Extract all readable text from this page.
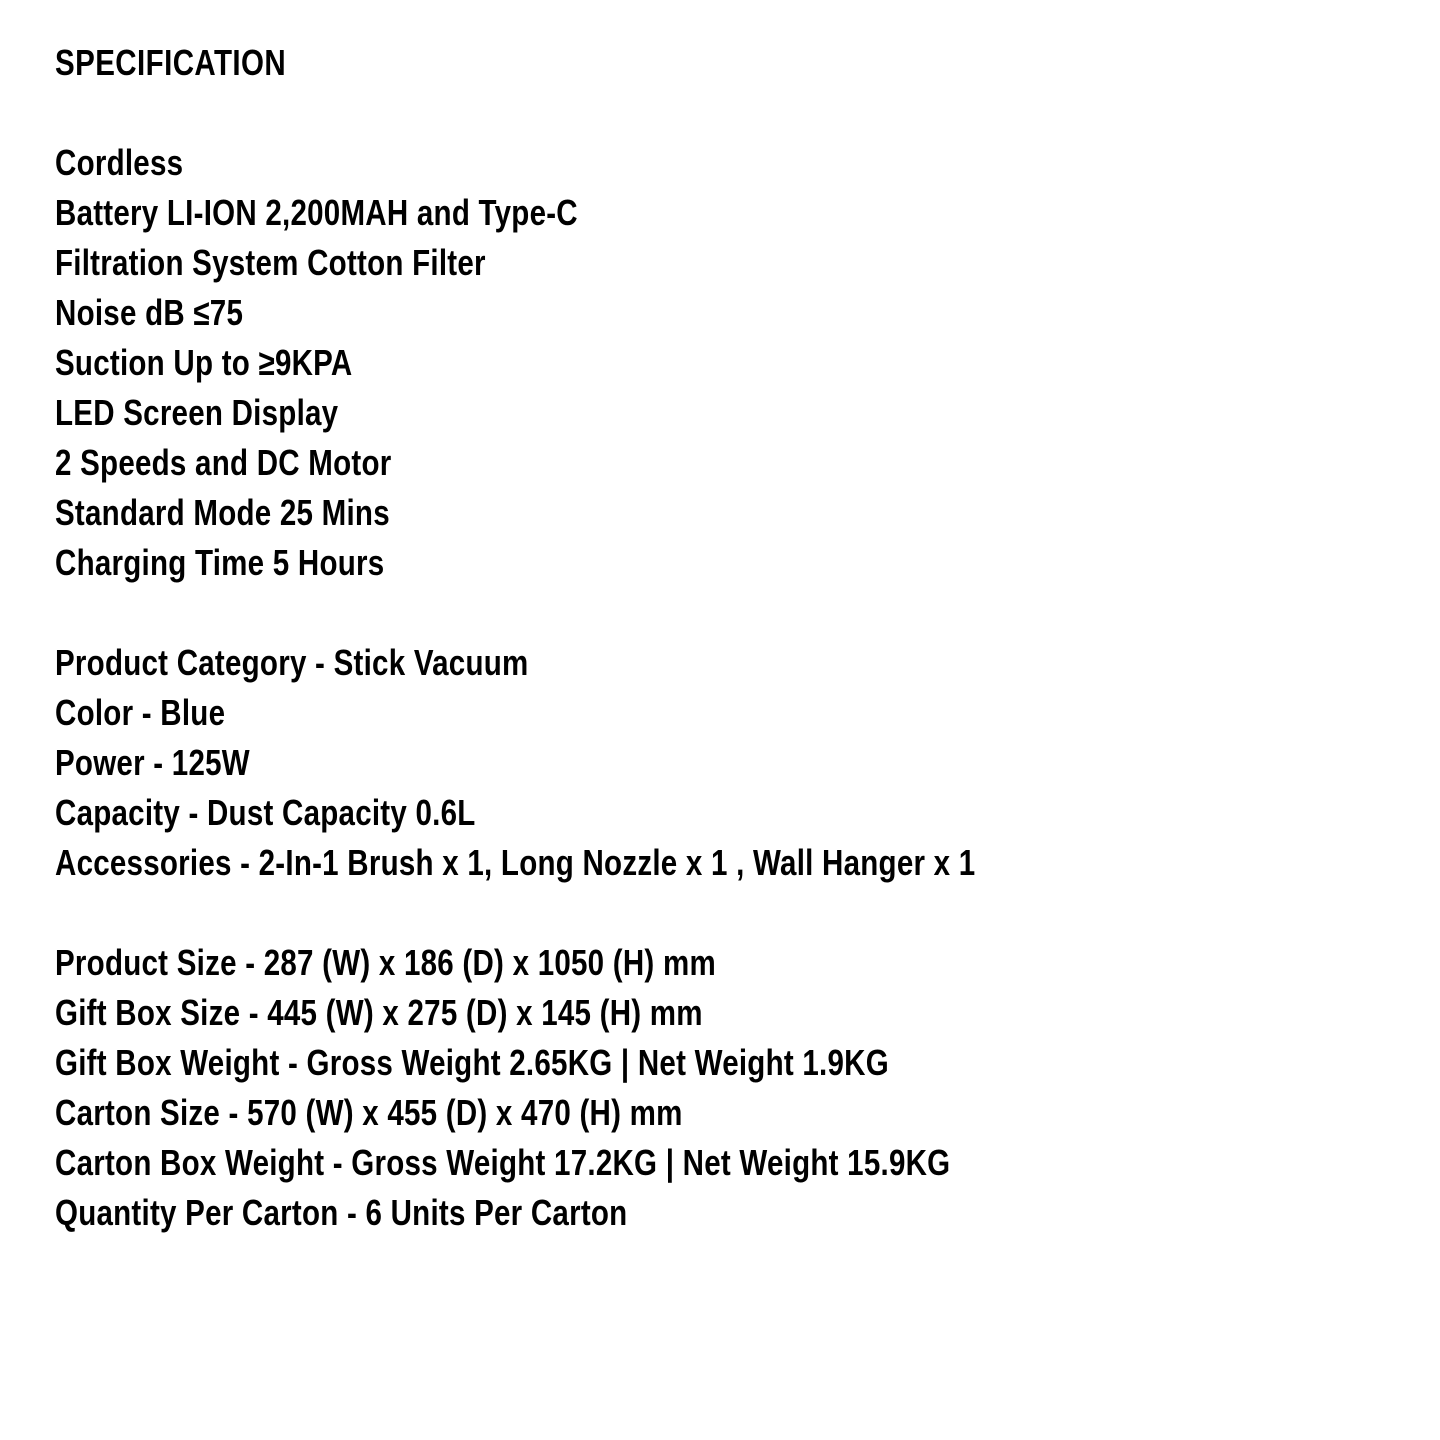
SPECIFICATION
Cordless
Battery LI-ION 2,200MAH and Type-C
Filtration System Cotton Filter
Noise dB ≤75
Suction Up to ≥9KPA
LED Screen Display
2 Speeds and DC Motor
Standard Mode 25 Mins
Charging Time 5 Hours
Product Category - Stick Vacuum
Color - Blue
Power - 125W
Capacity - Dust Capacity 0.6L
Accessories - 2-In-1 Brush x 1, Long Nozzle x 1 , Wall Hanger x 1
Product Size - 287 (W) x 186 (D) x 1050 (H) mm
Gift Box Size - 445 (W) x 275 (D) x 145 (H) mm
Gift Box Weight - Gross Weight 2.65KG | Net Weight 1.9KG
Carton Size - 570 (W) x 455 (D) x 470 (H) mm
Carton Box Weight - Gross Weight 17.2KG | Net Weight 15.9KG
Quantity Per Carton - 6 Units Per Carton
